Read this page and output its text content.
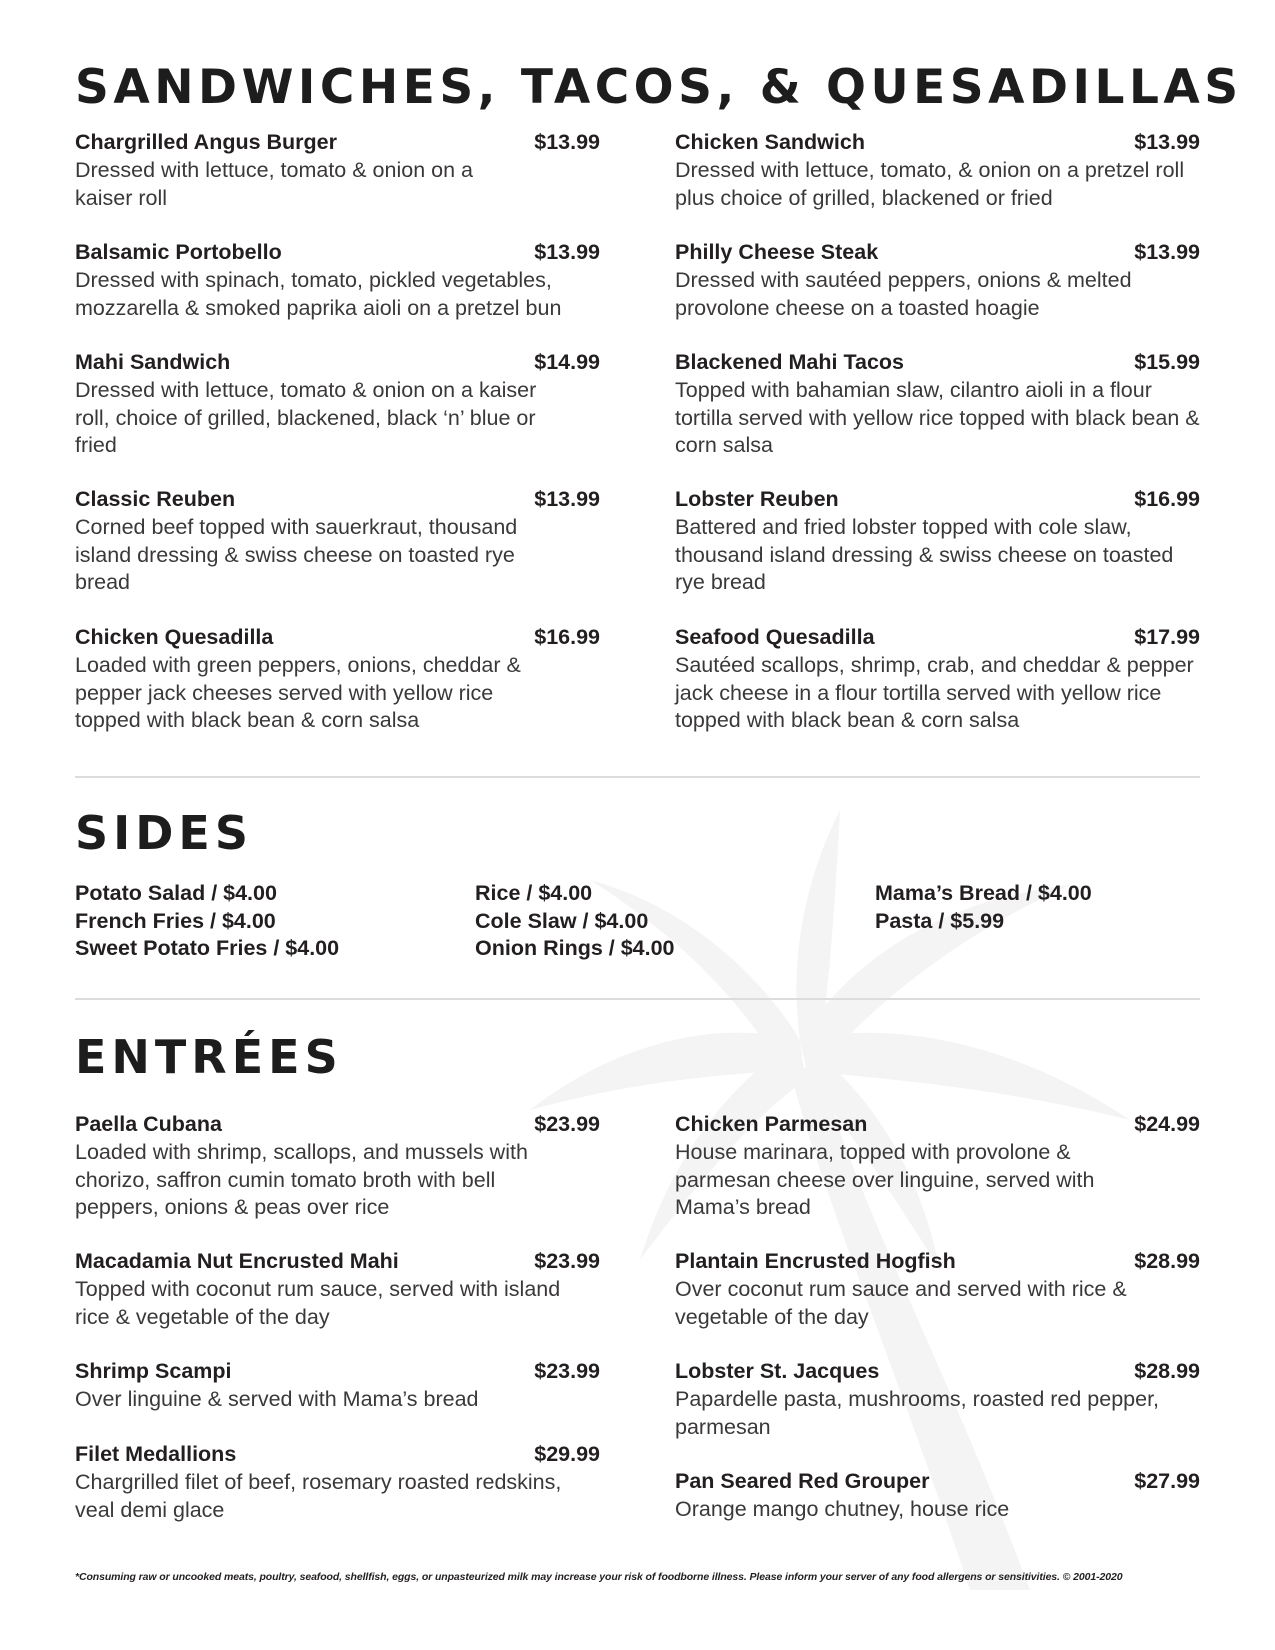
SANDWICHES, TACOS, & QUESADILLAS
Chargrilled Angus Burger	$13.99

Dressed with lettuce, tomato & onion on a kaiser roll

Balsamic Portobello	$13.99

Dressed with spinach, tomato, pickled vegetables, mozzarella & smoked paprika aioli on a pretzel bun

Mahi Sandwich	$14.99

Dressed with lettuce, tomato & onion on a kaiser roll, choice of grilled, blackened, black ‘n’ blue or fried

Classic Reuben	$13.99

Corned beef topped with sauerkraut, thousand island dressing & swiss cheese on toasted rye bread

Chicken Quesadilla	$16.99

Loaded with green peppers, onions, cheddar & pepper jack cheeses served with yellow rice topped with black bean & corn salsa

Chicken Sandwich	$13.99

Dressed with lettuce, tomato, & onion on a pretzel roll plus choice of grilled, blackened or fried

Philly Cheese Steak	$13.99

Dressed with sautéed peppers, onions & melted provolone cheese on a toasted hoagie

Blackened Mahi Tacos	$15.99

Topped with bahamian slaw, cilantro aioli in a flour tortilla served with yellow rice topped with black bean & corn salsa

Lobster Reuben	$16.99

Battered and fried lobster topped with cole slaw, thousand island dressing & swiss cheese on toasted rye bread

Seafood Quesadilla	$17.99

Sautéed scallops, shrimp, crab, and cheddar & pepper jack cheese in a flour tortilla served with yellow rice topped with black bean & corn salsa

SIDES
Potato Salad / $4.00
French Fries / $4.00
Sweet Potato Fries / $4.00
Rice / $4.00
Cole Slaw / $4.00
Onion Rings / $4.00
Mama’s Bread / $4.00
Pasta / $5.99
ENTRÉES
Paella Cubana	$23.99

Loaded with shrimp, scallops, and mussels with chorizo, saffron cumin tomato broth with bell peppers, onions & peas over rice

Macadamia Nut Encrusted Mahi	$23.99

Topped with coconut rum sauce, served with island rice & vegetable of the day

Shrimp Scampi	$23.99

Over linguine & served with Mama’s bread

Filet Medallions	$29.99

Chargrilled filet of beef, rosemary roasted redskins, veal demi glace

Chicken Parmesan	$24.99

House marinara, topped with provolone & parmesan cheese over linguine, served with Mama’s bread

Plantain Encrusted Hogfish	$28.99

Over coconut rum sauce and served with rice & vegetable of the day

Lobster St. Jacques	$28.99

Papardelle pasta, mushrooms, roasted red pepper, parmesan

Pan Seared Red Grouper	$27.99

Orange mango chutney, house rice

*Consuming raw or uncooked meats, poultry, seafood, shellfish, eggs, or unpasteurized milk may increase your risk of foodborne illness. Please inform your server of any food allergens or sensitivities. © 2001-2020
